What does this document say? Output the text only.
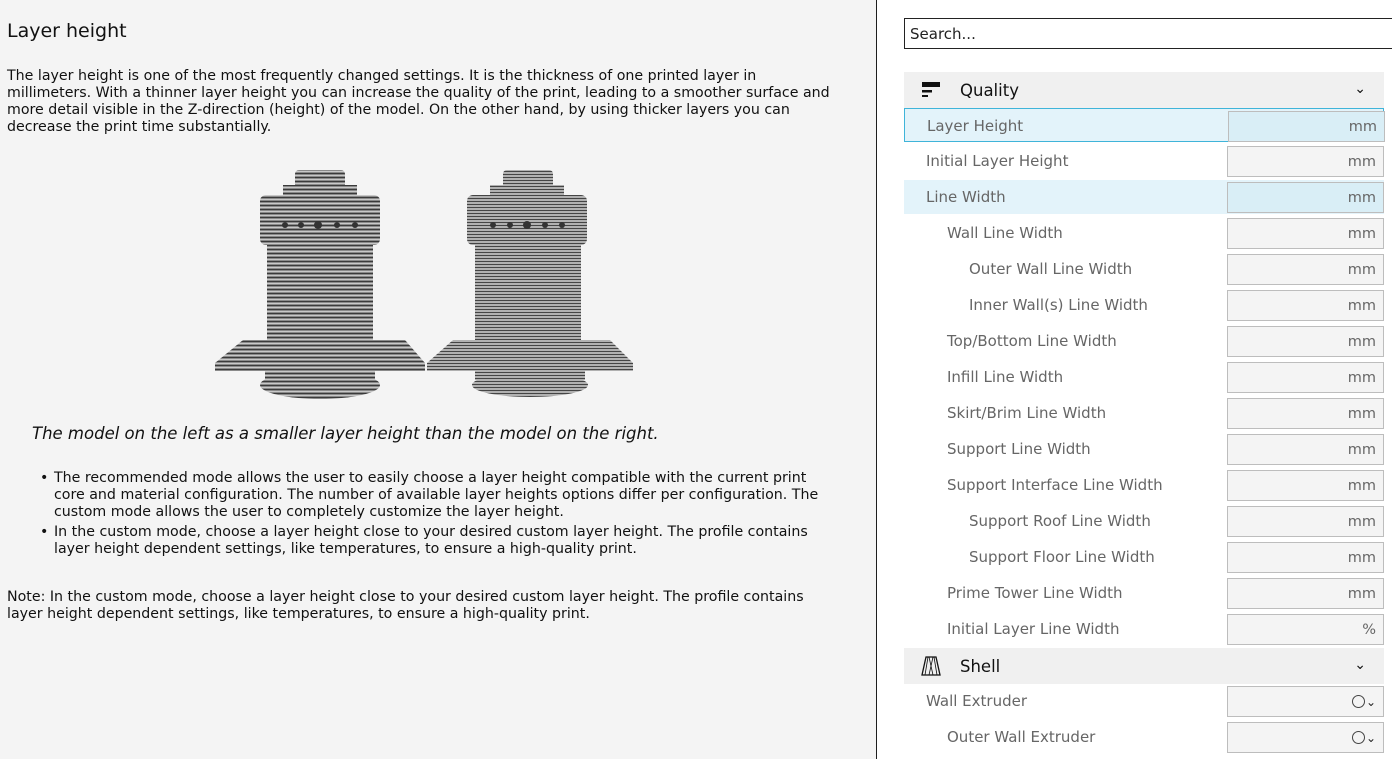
Layer height

The layer height is one of the most frequently changed settings. It is the thickness of one printed layer in millimeters. With a thinner layer height you can increase the quality of the print, leading to a smoother surface and more detail visible in the Z-direction (height) of the model. On the other hand, by using thicker layers you can decrease the print time substantially.

The model on the left as a smaller layer height than the model on the right.
• The recommended mode allows the user to easily choose a layer height compatible with the current print core and material configuration. The number of available layer heights options differ per configuration. The custom mode allows the user to completely customize the layer height.
• In the custom mode, choose a layer height close to your desired custom layer height. The profile contains layer height dependent settings, like temperatures, to ensure a high-quality print.

Note: In the custom mode, choose a layer height close to your desired custom layer height. The profile contains layer height dependent settings, like temperatures, to ensure a high-quality print.

Search...
Quality	⌄
Layer Height	mm
Initial Layer Height	mm
Line Width	mm
Wall Line Width	mm
Outer Wall Line Width	mm
Inner Wall(s) Line Width	mm
Top/Bottom Line Width	mm
Infill Line Width	mm
Skirt/Brim Line Width	mm
Support Line Width	mm
Support Interface Line Width	mm
Support Roof Line Width	mm
Support Floor Line Width	mm
Prime Tower Line Width	mm
Initial Layer Line Width	%
Shell	⌄
Wall Extruder	⌄
Outer Wall Extruder	⌄
